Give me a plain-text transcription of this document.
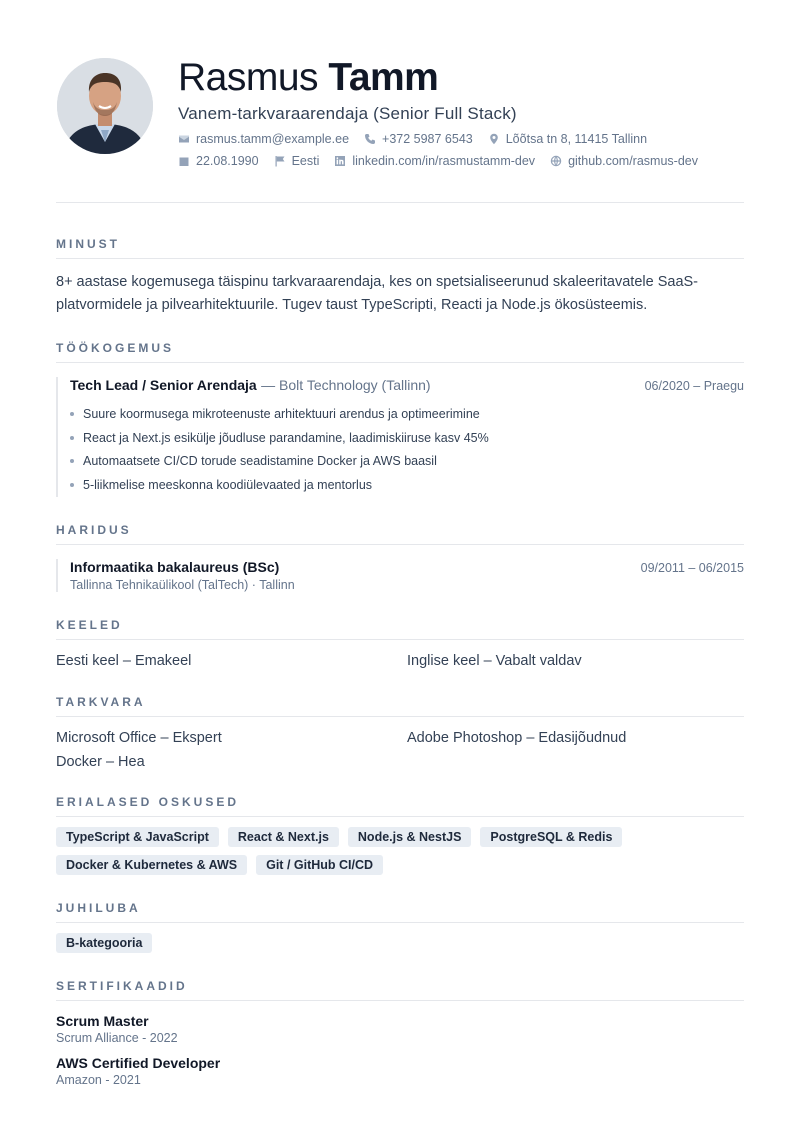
Rasmus Tamm
Vanem-tarkvaraarendaja (Senior Full Stack)
rasmus.tamm@example.ee	+372 5987 6543	Lõõtsa tn 8, 11415 Tallinn
22.08.1990	Eesti	linkedin.com/in/rasmustamm-dev	github.com/rasmus-dev
MINUST
8+ aastase kogemusega täispinu tarkvaraarendaja, kes on spetsialiseerunud skaleeritavatele SaaS-platvormidele ja pilvearhitektuurile. Tugev taust TypeScripti, Reacti ja Node.js ökosüsteemis.
TÖÖKOGEMUS
Tech Lead / Senior Arendaja — Bolt Technology (Tallinn)	06/2020 – Praegu
Suure koormusega mikroteenuste arhitektuuri arendus ja optimeerimine
React ja Next.js esikülje jõudluse parandamine, laadimiskiiruse kasv 45%
Automaatsete CI/CD torude seadistamine Docker ja AWS baasil
5-liikmelise meeskonna koodiülevaated ja mentorlus
HARIDUS
Informaatika bakalaureus (BSc)	09/2011 – 06/2015
Tallinna Tehnikaülikool (TalTech) · Tallinn
KEELED
Eesti keel – Emakeel	Inglise keel – Vabalt valdav
TARKVARA
Microsoft Office – Ekspert	Adobe Photoshop – Edasijõudnud
Docker – Hea
ERIALASED OSKUSED
TypeScript & JavaScript	React & Next.js	Node.js & NestJS	PostgreSQL & Redis
Docker & Kubernetes & AWS	Git / GitHub CI/CD
JUHILUBA
B-kategooria
SERTIFIKAADID
Scrum Master
Scrum Alliance - 2022
AWS Certified Developer
Amazon - 2021
